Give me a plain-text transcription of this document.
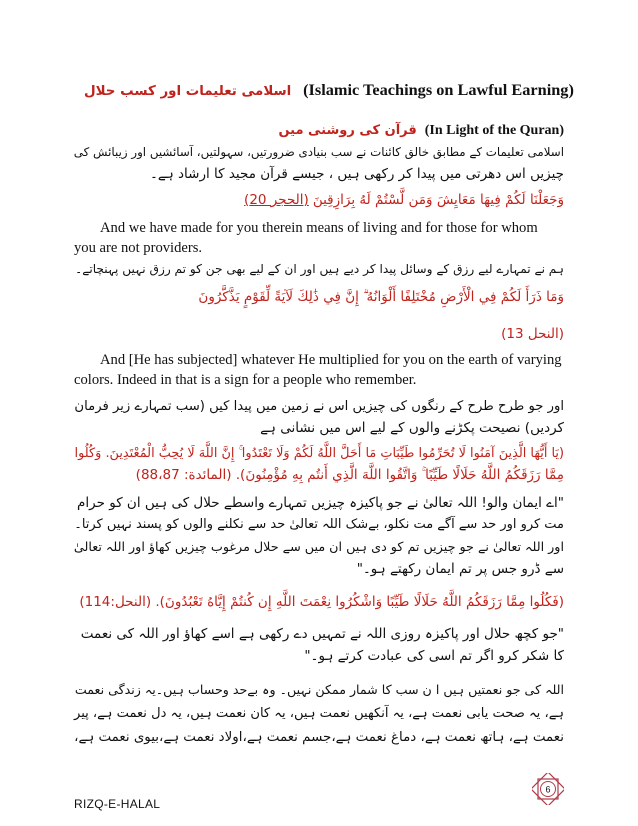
اسلامی تعلیمات اور کسب حلال (Islamic Teachings on Lawful Earning)
قرآن کی روشنی میں (In Light of the Quran)
اسلامی تعلیمات کے مطابق خالق کائنات نے سب بنیادی ضرورتیں، سہولتیں، آسائشیں اور زیبائش کی
چیزیں اس دھرتی میں پیدا کر رکھی ہیں ، جیسے قرآن مجید کا ارشاد ہے۔
وَجَعَلْنَا لَكُمْ فِيهَا مَعَايِشَ وَمَن لَّسْتُمْ لَهُ بِرَازِقِينَ (الحجر 20)
And we have made for you therein means of living and for those for whom
you are not providers.
ہم نے تمہارے لیے رزق کے وسائل پیدا کر دیے ہیں اور ان کے لیے بھی جن کو تم رزق نہیں پہنچاتے۔
وَمَا ذَرَأَ لَكُمْ فِي الْأَرْضِ مُخْتَلِفًا أَلْوَانُهُ ۗ إِنَّ فِي ذَٰلِكَ لَآيَةً لِّقَوْمٍ يَذَّكَّرُونَ
(النحل 13)
And [He has subjected] whatever He multiplied for you on the earth of varying
colors. Indeed in that is a sign for a people who remember.
اور جو طرح طرح کے رنگوں کی چیزیں اس نے زمین میں پیدا کیں (سب تمہارے زیر فرمان
کردیں) نصیحت پکڑنے والوں کے لیے اس میں نشانی ہے
(يَا أَيُّهَا الَّذِينَ آمَنُوا لَا تُحَرِّمُوا طَيِّبَاتِ مَا أَحَلَّ اللَّهُ لَكُمْ وَلَا تَعْتَدُوا ۚ إِنَّ اللَّهَ لَا يُحِبُّ الْمُعْتَدِينَ. وَكُلُوا
مِمَّا رَزَقَكُمُ اللَّهُ حَلَالًا طَيِّبًا ۚ وَاتَّقُوا اللَّهَ الَّذِي أَنتُم بِهِ مُؤْمِنُونَ). (المائدة: 88،87)
"اے ایمان والو! اللہ تعالیٰ نے جو پاکیزہ چیزیں تمہارے واسطے حلال کی ہیں ان کو حرام
مت کرو اور حد سے آگے مت نکلو، بےشک اللہ تعالیٰ حد سے نکلنے والوں کو پسند نہیں کرتا۔
اور اللہ تعالیٰ نے جو چیزیں تم کو دی ہیں ان میں سے حلال مرغوب چیزیں کھاؤ اور اللہ تعالیٰ
سے ڈرو جس پر تم ایمان رکھتے ہو۔"
(فَكُلُوا مِمَّا رَزَقَكُمُ اللَّهُ حَلَالًا طَيِّبًا وَاشْكُرُوا نِعْمَتَ اللَّهِ إِن كُنتُمْ إِيَّاهُ تَعْبُدُونَ). (النحل:114)
"جو کچھ حلال اور پاکیزہ روزی اللہ نے تمہیں دے رکھی ہے اسے کھاؤ اور اللہ کی نعمت
کا شکر کرو اگر تم اسی کی عبادت کرتے ہو۔"
اللہ کی جو نعمتیں ہیں ا ن سب کا شمار ممکن نہیں۔ وہ بےحد وحساب ہیں۔یہ زندگی نعمت
ہے، یہ صحت یابی نعمت ہے، یہ آنکھیں نعمت ہیں، یہ کان نعمت ہیں، یہ دل نعمت ہے، پیر
نعمت ہے، ہاتھ نعمت ہے، دماغ نعمت ہے،جسم نعمت ہے،اولاد نعمت ہے،بیوی نعمت ہے،
RIZQ-E-HALAL
6
